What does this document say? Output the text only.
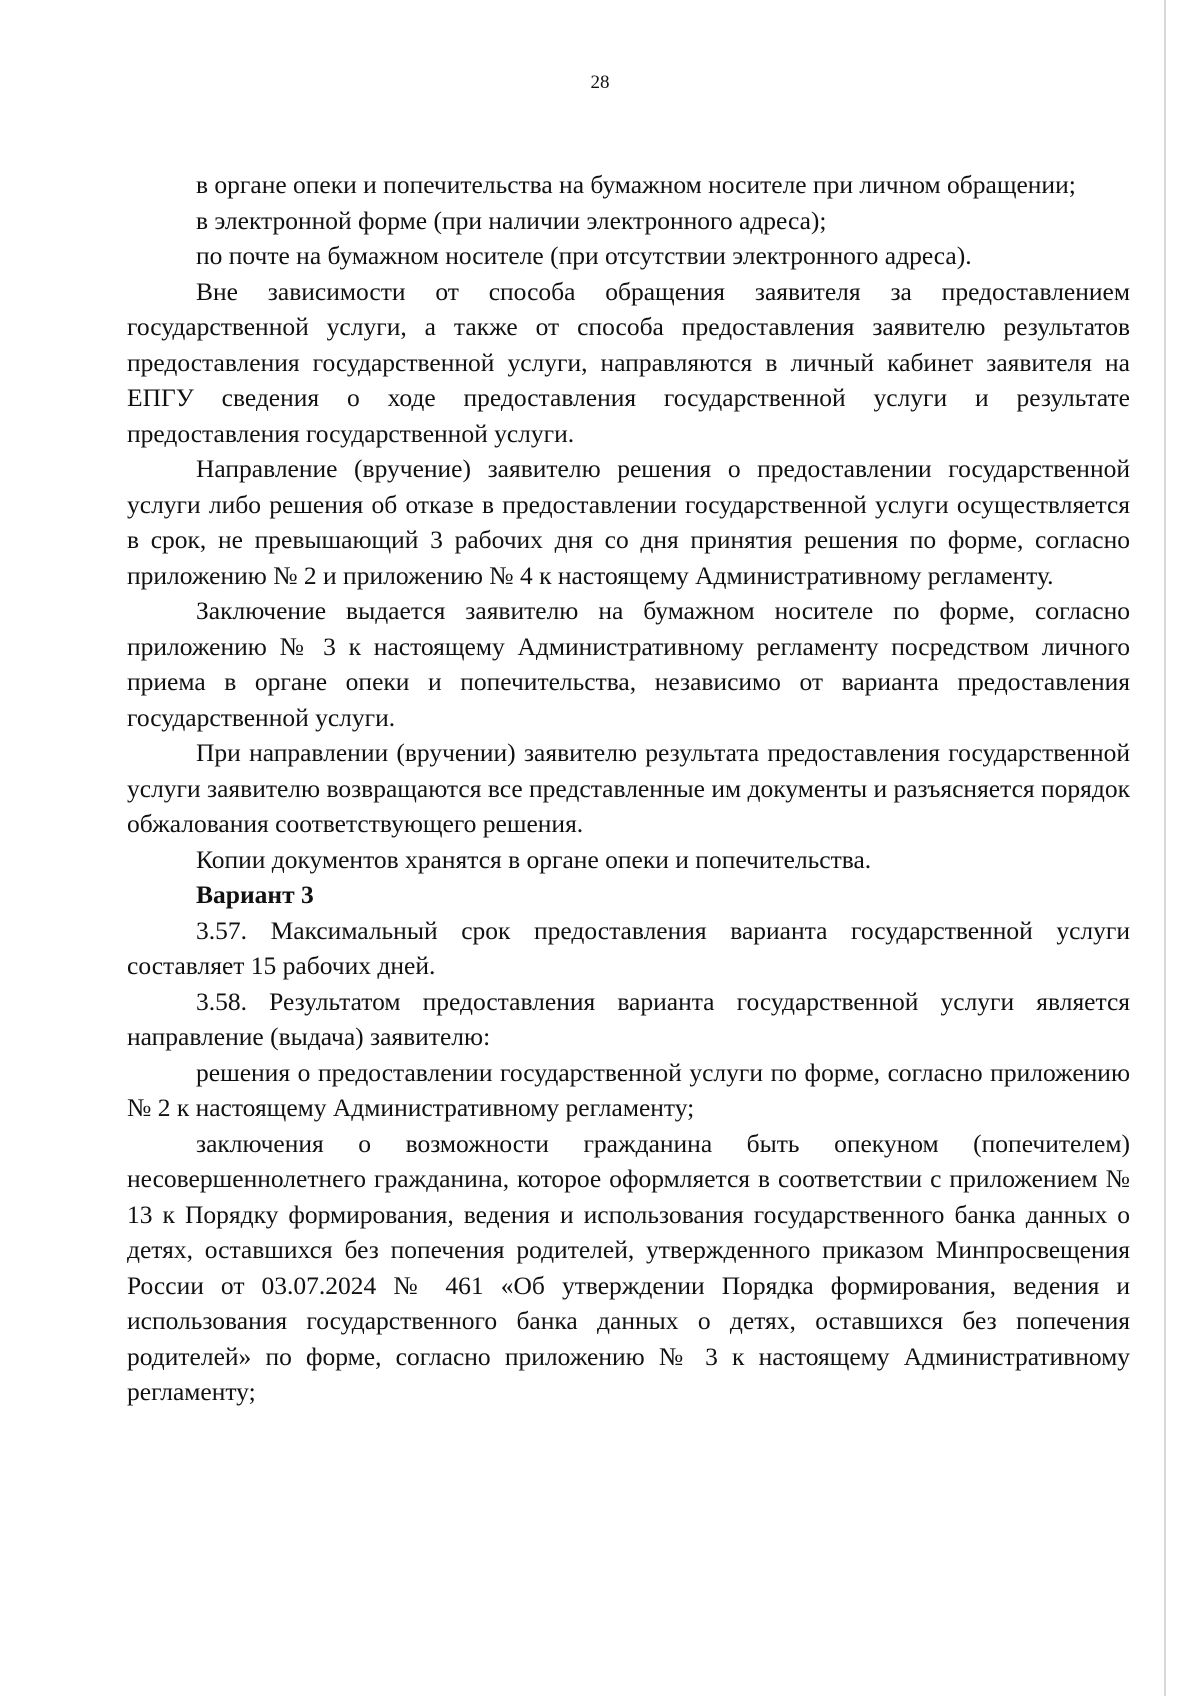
28

в органе опеки и попечительства на бумажном носителе при личном обращении;

в электронной форме (при наличии электронного адреса);

по почте на бумажном носителе (при отсутствии электронного адреса).

Вне зависимости от способа обращения заявителя за предоставлением государственной услуги, а также от способа предоставления заявителю результатов предоставления государственной услуги, направляются в личный кабинет заявителя на ЕПГУ сведения о ходе предоставления государственной услуги и результате предоставления государственной услуги.

Направление (вручение) заявителю решения о предоставлении государственной услуги либо решения об отказе в предоставлении государственной услуги осуществляется в срок, не превышающий 3 рабочих дня со дня принятия решения по форме, согласно приложению № 2 и приложению № 4 к настоящему Административному регламенту.

Заключение выдается заявителю на бумажном носителе по форме, согласно приложению № 3 к настоящему Административному регламенту посредством личного приема в органе опеки и попечительства, независимо от варианта предоставления государственной услуги.

При направлении (вручении) заявителю результата предоставления государственной услуги заявителю возвращаются все представленные им документы и разъясняется порядок обжалования соответствующего решения.

Копии документов хранятся в органе опеки и попечительства.

Вариант 3

3.57. Максимальный срок предоставления варианта государственной услуги составляет 15 рабочих дней.

3.58. Результатом предоставления варианта государственной услуги является направление (выдача) заявителю:

решения о предоставлении государственной услуги по форме, согласно приложению № 2 к настоящему Административному регламенту;

заключения о возможности гражданина быть опекуном (попечителем) несовершеннолетнего гражданина, которое оформляется в соответствии с приложением № 13 к Порядку формирования, ведения и использования государственного банка данных о детях, оставшихся без попечения родителей, утвержденного приказом Минпросвещения России от 03.07.2024 № 461 «Об утверждении Порядка формирования, ведения и использования государственного банка данных о детях, оставшихся без попечения родителей» по форме, согласно приложению № 3 к настоящему Административному регламенту;
